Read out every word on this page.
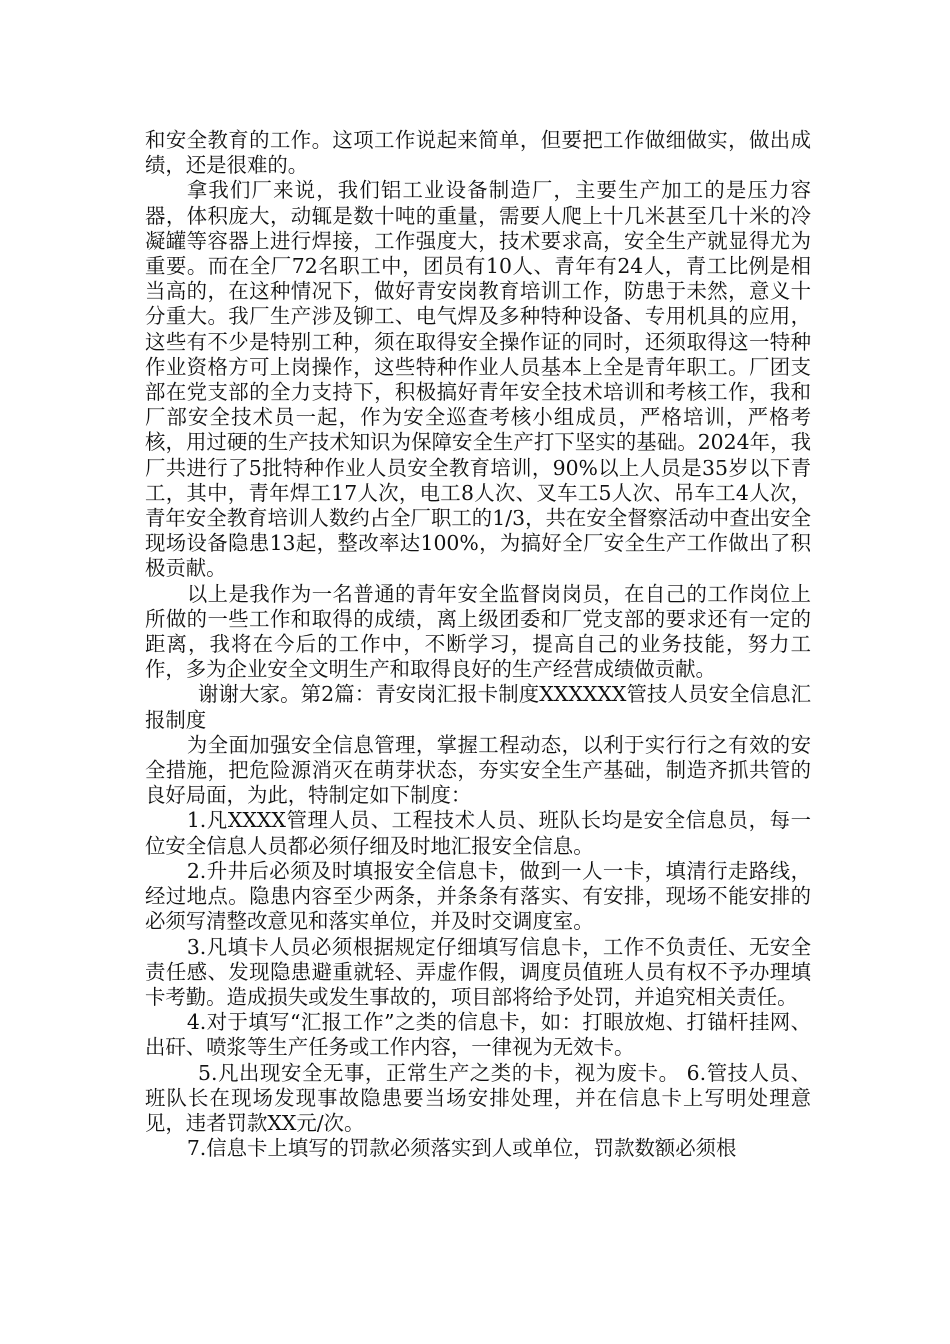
和安全教育的工作。这项工作说起来简单，但要把工作做细做实，做出成绩，还是很难的。

拿我们厂来说，我们铝工业设备制造厂，主要生产加工的是压力容器，体积庞大，动辄是数十吨的重量，需要人爬上十几米甚至几十米的冷凝罐等容器上进行焊接，工作强度大，技术要求高，安全生产就显得尤为重要。而在全厂72名职工中，团员有10人、青年有24人，青工比例是相当高的，在这种情况下，做好青安岗教育培训工作，防患于未然，意义十分重大。我厂生产涉及铆工、电气焊及多种特种设备、专用机具的应用，这些有不少是特别工种，须在取得安全操作证的同时，还须取得这一特种作业资格方可上岗操作，这些特种作业人员基本上全是青年职工。厂团支部在党支部的全力支持下，积极搞好青年安全技术培训和考核工作，我和厂部安全技术员一起，作为安全巡查考核小组成员，严格培训，严格考核，用过硬的生产技术知识为保障安全生产打下坚实的基础。2024年，我厂共进行了5批特种作业人员安全教育培训，90%以上人员是35岁以下青工，其中，青年焊工17人次，电工8人次、叉车工5人次、吊车工4人次，青年安全教育培训人数约占全厂职工的1/3，共在安全督察活动中查出安全现场设备隐患13起，整改率达100%，为搞好全厂安全生产工作做出了积极贡献。

以上是我作为一名普通的青年安全监督岗岗员，在自己的工作岗位上所做的一些工作和取得的成绩，离上级团委和厂党支部的要求还有一定的距离，我将在今后的工作中，不断学习，提高自己的业务技能，努力工作，多为企业安全文明生产和取得良好的生产经营成绩做贡献。

谢谢大家。第2篇：青安岗汇报卡制度XXXXXX管技人员安全信息汇报制度

为全面加强安全信息管理，掌握工程动态，以利于实行行之有效的安全措施，把危险源消灭在萌芽状态，夯实安全生产基础，制造齐抓共管的良好局面，为此，特制定如下制度：

1.凡XXXX管理人员、工程技术人员、班队长均是安全信息员，每一位安全信息人员都必须仔细及时地汇报安全信息。

2.升井后必须及时填报安全信息卡，做到一人一卡，填清行走路线，经过地点。隐患内容至少两条，并条条有落实、有安排，现场不能安排的必须写清整改意见和落实单位，并及时交调度室。

3.凡填卡人员必须根据规定仔细填写信息卡，工作不负责任、无安全责任感、发现隐患避重就轻、弄虚作假，调度员值班人员有权不予办理填卡考勤。造成损失或发生事故的，项目部将给予处罚，并追究相关责任。

4.对于填写“汇报工作”之类的信息卡，如：打眼放炮、打锚杆挂网、出矸、喷浆等生产任务或工作内容，一律视为无效卡。

5.凡出现安全无事，正常生产之类的卡，视为废卡。 6.管技人员、班队长在现场发现事故隐患要当场安排处理，并在信息卡上写明处理意见，违者罚款XX元/次。

7.信息卡上填写的罚款必须落实到人或单位，罚款数额必须根
